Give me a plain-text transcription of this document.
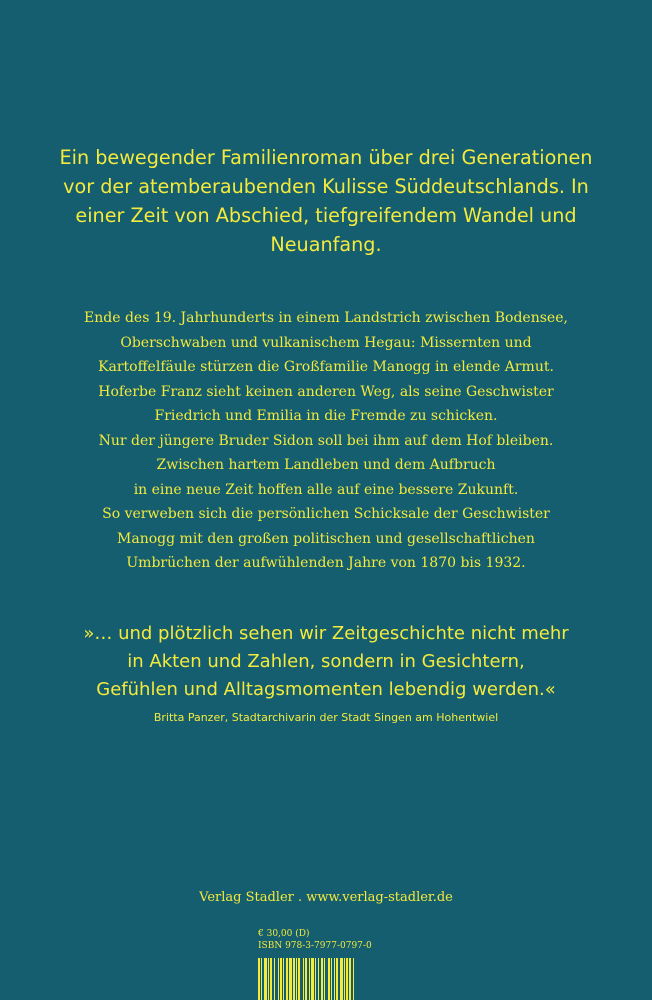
Ein bewegender Familienroman über drei Generationen
vor der atemberaubenden Kulisse Süddeutschlands. In
einer Zeit von Abschied, tiefgreifendem Wandel und
Neuanfang.
Ende des 19. Jahrhunderts in einem Landstrich zwischen Bodensee,
Oberschwaben und vulkanischem Hegau: Missernten und
Kartoffelfäule stürzen die Großfamilie Manogg in elende Armut.
Hoferbe Franz sieht keinen anderen Weg, als seine Geschwister
Friedrich und Emilia in die Fremde zu schicken.
Nur der jüngere Bruder Sidon soll bei ihm auf dem Hof bleiben.
Zwischen hartem Landleben und dem Aufbruch
in eine neue Zeit hoffen alle auf eine bessere Zukunft.
So verweben sich die persönlichen Schicksale der Geschwister
Manogg mit den großen politischen und gesellschaftlichen
Umbrüchen der aufwühlenden Jahre von 1870 bis 1932.
»… und plötzlich sehen wir Zeitgeschichte nicht mehr
in Akten und Zahlen, sondern in Gesichtern,
Gefühlen und Alltagsmomenten lebendig werden.«
Britta Panzer, Stadtarchivarin der Stadt Singen am Hohentwiel
Verlag Stadler . www.verlag-stadler.de
€ 30,00 (D)
ISBN 978-3-7977-0797-0
